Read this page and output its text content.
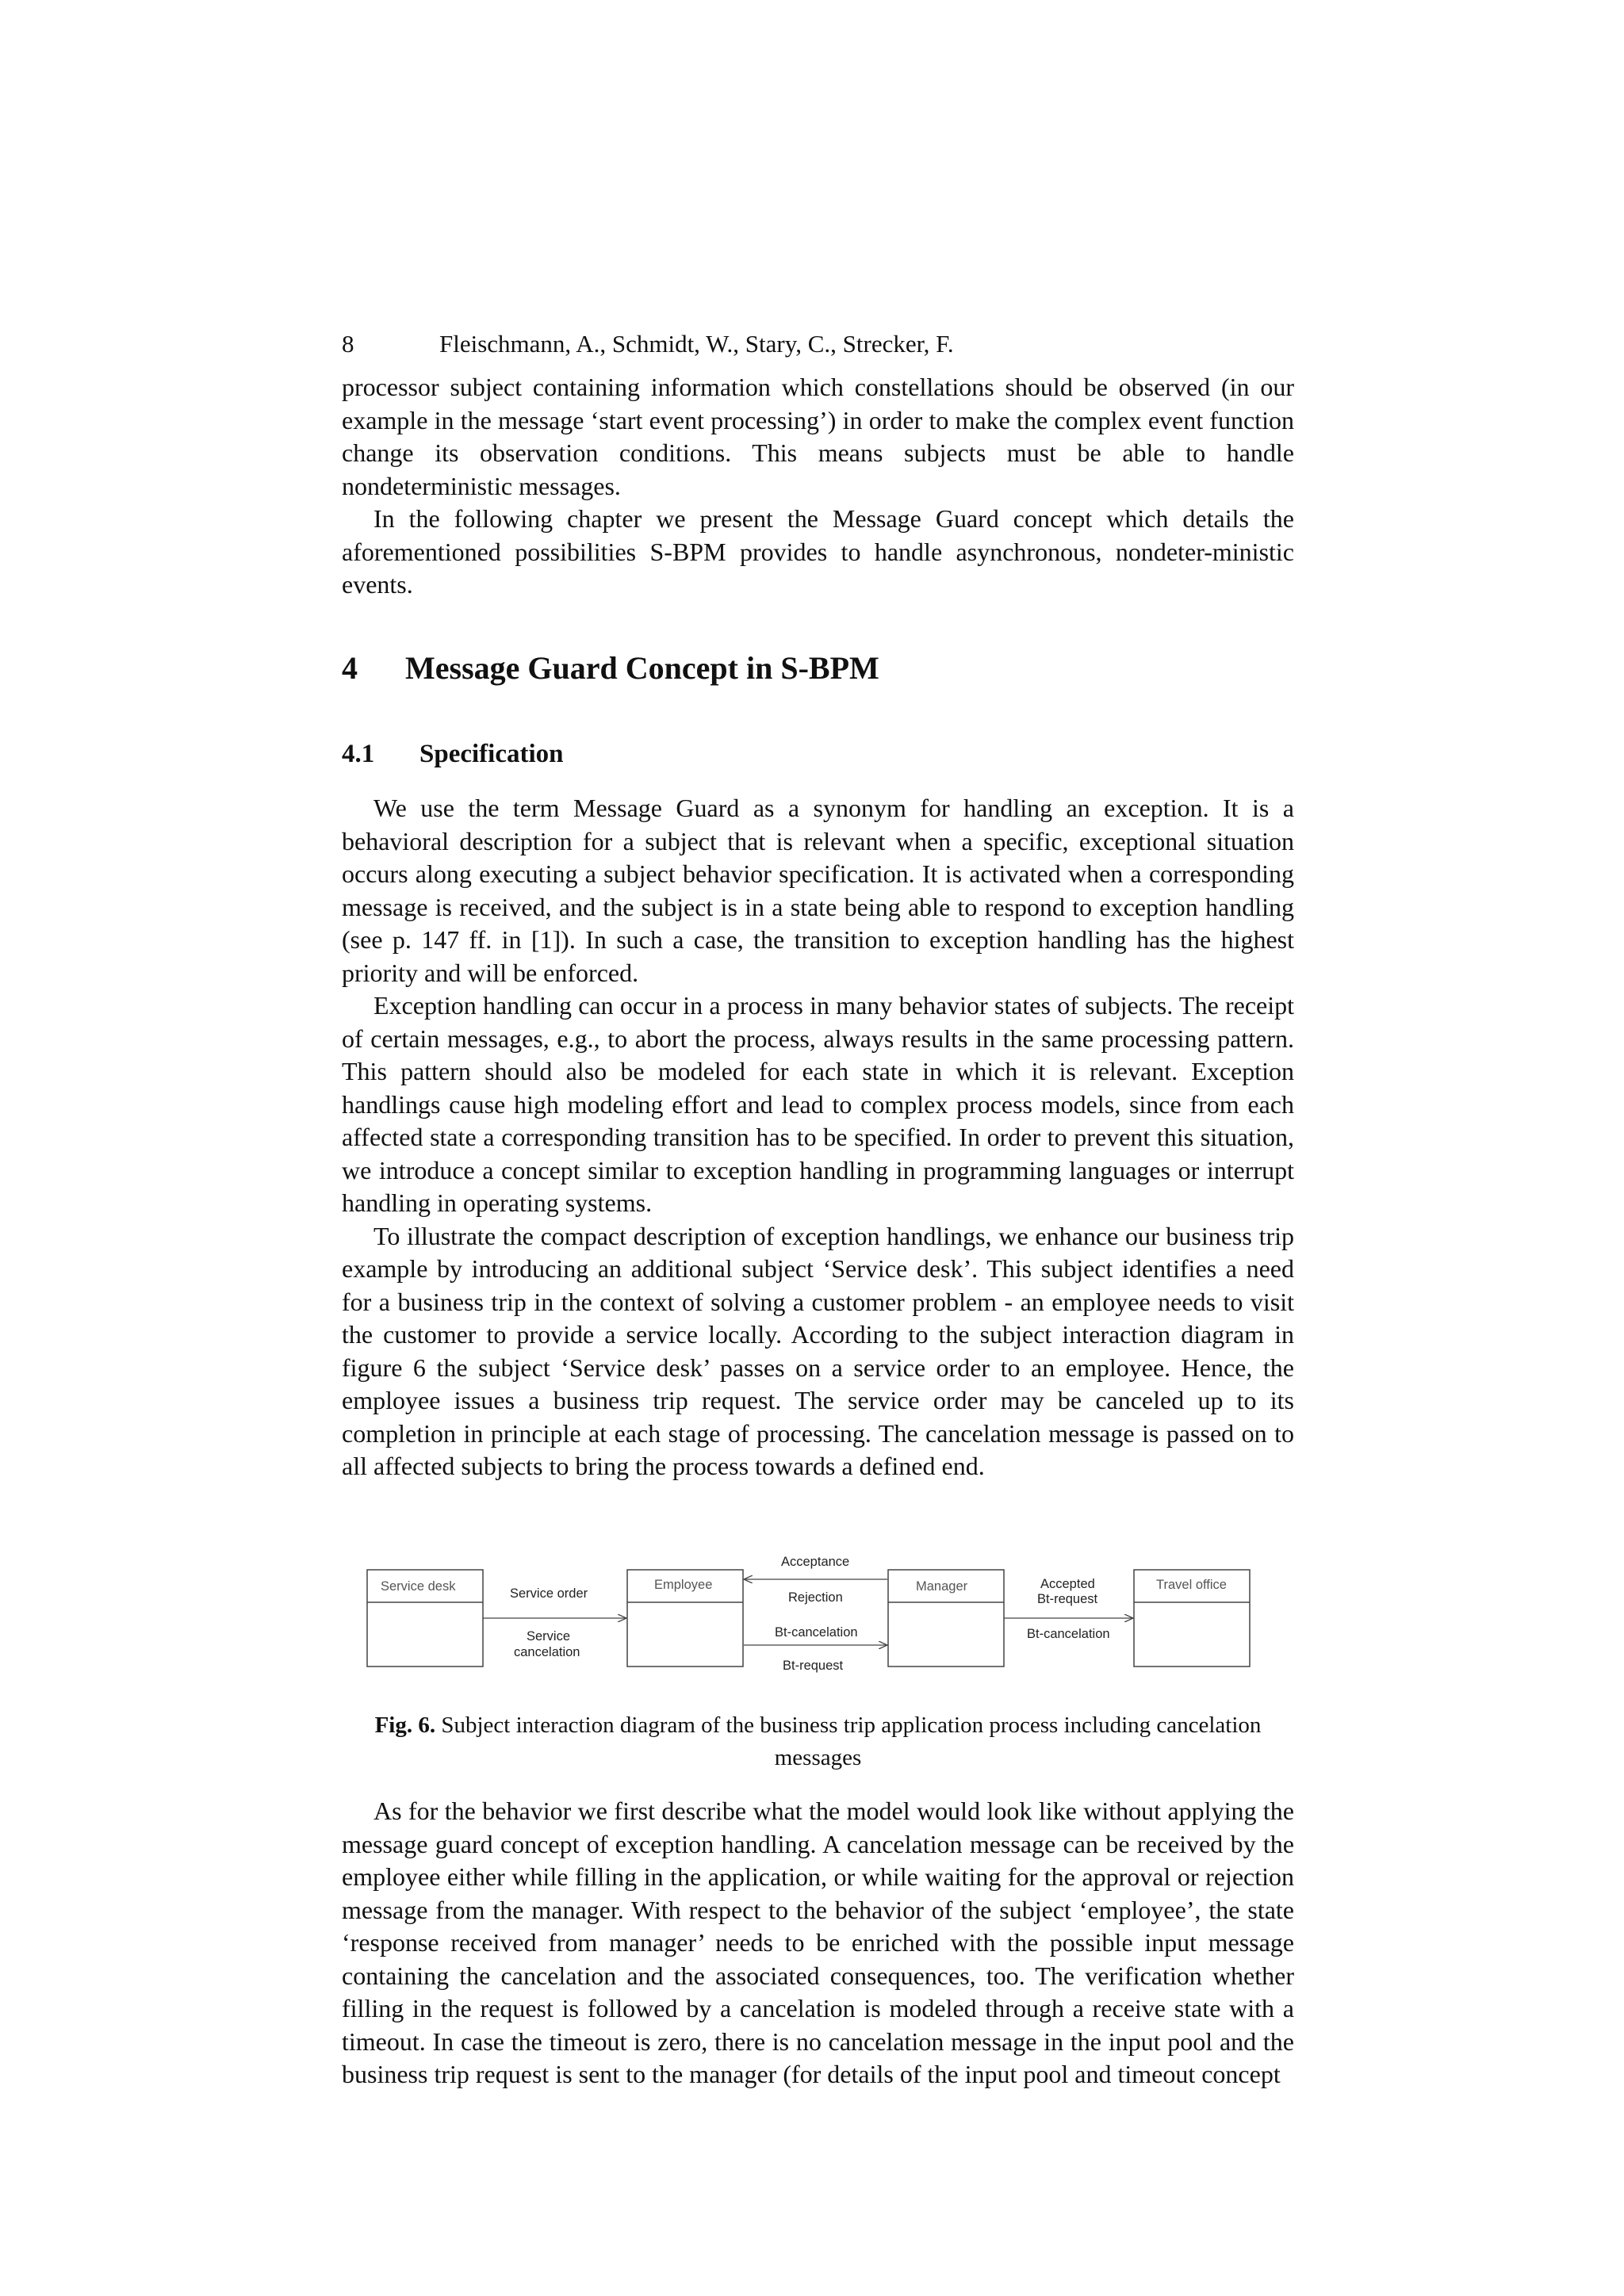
8	Fleischmann, A., Schmidt, W., Stary, C., Strecker, F.

processor subject containing information which constellations should be observed (in our example in the message ‘start event processing’) in order to make the complex event function change its observation conditions. This means subjects must be able to handle nondeterministic messages.

In the following chapter we present the Message Guard concept which details the aforementioned possibilities S-BPM provides to handle asynchronous, nondeter-ministic events.

4 Message Guard Concept in S-BPM
4.1 Specification

We use the term Message Guard as a synonym for handling an exception. It is a behavioral description for a subject that is relevant when a specific, exceptional situation occurs along executing a subject behavior specification. It is activated when a corresponding message is received, and the subject is in a state being able to respond to exception handling (see p. 147 ff. in [1]). In such a case, the transition to exception handling has the highest priority and will be enforced.

Exception handling can occur in a process in many behavior states of subjects. The receipt of certain messages, e.g., to abort the process, always results in the same processing pattern. This pattern should also be modeled for each state in which it is relevant. Exception handlings cause high modeling effort and lead to complex process models, since from each affected state a corresponding transition has to be specified. In order to prevent this situation, we introduce a concept similar to exception handling in programming languages or interrupt handling in operating systems.

To illustrate the compact description of exception handlings, we enhance our business trip example by introducing an additional subject ‘Service desk’. This subject identifies a need for a business trip in the context of solving a customer problem - an employee needs to visit the customer to provide a service locally. According to the subject interaction diagram in figure 6 the subject ‘Service desk’ passes on a service order to an employee. Hence, the employee issues a business trip request. The service order may be canceled up to its completion in principle at each stage of processing. The cancelation message is passed on to all affected subjects to bring the process towards a defined end.

Service desk	Employee	Manager	Travel office
Service order
Service
cancelation
Acceptance
Rejection
Bt-cancelation
Bt-request
Accepted
Bt-request
Bt-cancelation
Fig. 6. Subject interaction diagram of the business trip application process including cancelation messages

As for the behavior we first describe what the model would look like without applying the message guard concept of exception handling. A cancelation message can be received by the employee either while filling in the application, or while waiting for the approval or rejection message from the manager. With respect to the behavior of the subject ‘employee’, the state ‘response received from manager’ needs to be enriched with the possible input message containing the cancelation and the associated consequences, too. The verification whether filling in the request is followed by a cancelation is modeled through a receive state with a timeout. In case the timeout is zero, there is no cancelation message in the input pool and the business trip request is sent to the manager (for details of the input pool and timeout concept
